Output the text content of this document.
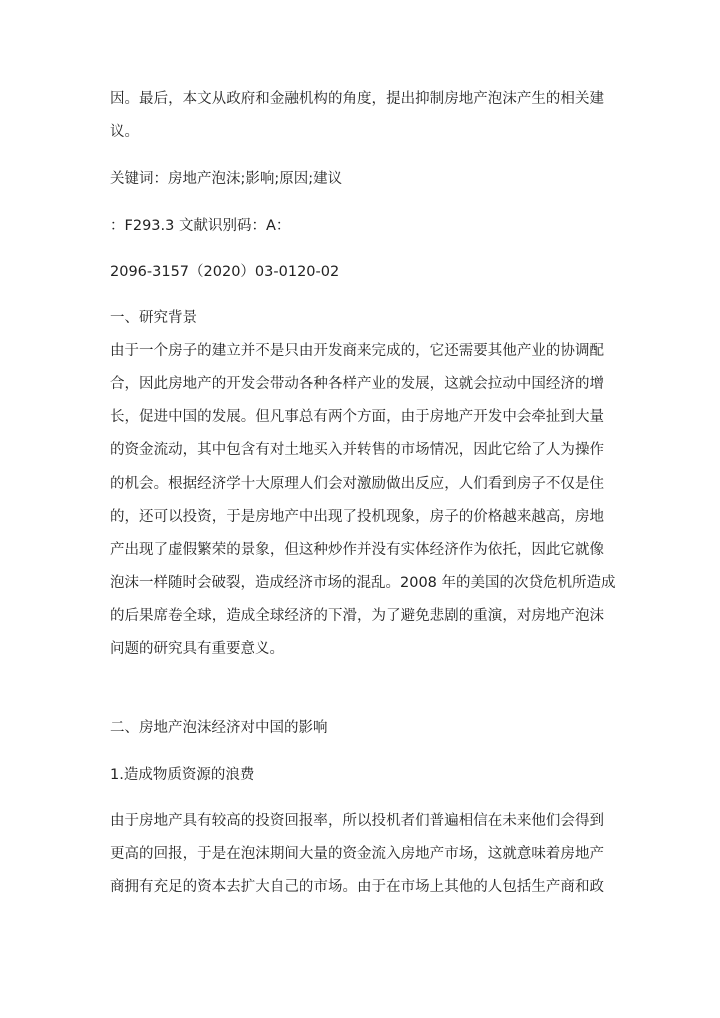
因。最后，本文从政府和金融机构的角度，提出抑制房地产泡沫产生的相关建
议。
关键词：房地产泡沫;影响;原因;建议
：F293.3 文献识别码：A：
2096-3157（2020）03-0120-02
一、研究背景
由于一个房子的建立并不是只由开发商来完成的，它还需要其他产业的协调配
合，因此房地产的开发会带动各种各样产业的发展，这就会拉动中国经济的增
长，促进中国的发展。但凡事总有两个方面，由于房地产开发中会牵扯到大量
的资金流动，其中包含有对土地买入并转售的市场情况，因此它给了人为操作
的机会。根据经济学十大原理人们会对激励做出反应，人们看到房子不仅是住
的，还可以投资，于是房地产中出现了投机现象，房子的价格越来越高，房地
产出现了虚假繁荣的景象，但这种炒作并没有实体经济作为依托，因此它就像
泡沫一样随时会破裂，造成经济市场的混乱。2008 年的美国的次贷危机所造成
的后果席卷全球，造成全球经济的下滑，为了避免悲剧的重演，对房地产泡沫
问题的研究具有重要意义。
二、房地产泡沫经济对中国的影响
1.造成物质资源的浪费
由于房地产具有较高的投资回报率，所以投机者们普遍相信在未来他们会得到
更高的回报，于是在泡沫期间大量的资金流入房地产市场，这就意味着房地产
商拥有充足的资本去扩大自己的市场。由于在市场上其他的人包括生产商和政
